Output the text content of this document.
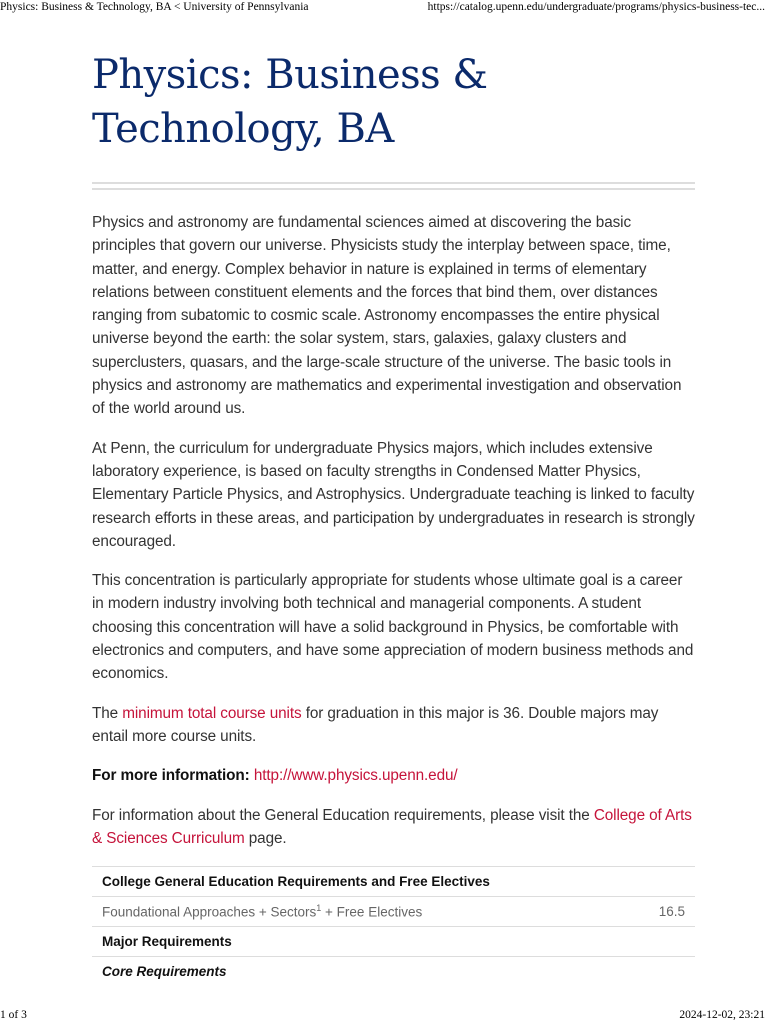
Physics: Business & Technology, BA < University of Pennsylvania	https://catalog.upenn.edu/undergraduate/programs/physics-business-tec...
Physics: Business & Technology, BA

Physics and astronomy are fundamental sciences aimed at discovering the basic principles that govern our universe. Physicists study the interplay between space, time, matter, and energy. Complex behavior in nature is explained in terms of elementary relations between constituent elements and the forces that bind them, over distances ranging from subatomic to cosmic scale. Astronomy encompasses the entire physical universe beyond the earth: the solar system, stars, galaxies, galaxy clusters and superclusters, quasars, and the large-scale structure of the universe. The basic tools in physics and astronomy are mathematics and experimental investigation and observation of the world around us.

At Penn, the curriculum for undergraduate Physics majors, which includes extensive laboratory experience, is based on faculty strengths in Condensed Matter Physics, Elementary Particle Physics, and Astrophysics. Undergraduate teaching is linked to faculty research efforts in these areas, and participation by undergraduates in research is strongly encouraged.

This concentration is particularly appropriate for students whose ultimate goal is a career in modern industry involving both technical and managerial components. A student choosing this concentration will have a solid background in Physics, be comfortable with electronics and computers, and have some appreciation of modern business methods and economics.

The minimum total course units for graduation in this major is 36. Double majors may entail more course units.

For more information: http://www.physics.upenn.edu/

For information about the General Education requirements, please visit the College of Arts & Sciences Curriculum page.

College General Education Requirements and Free Electives
Foundational Approaches + Sectors$^1$ + Free Electives	16.5
Major Requirements
Core Requirements
1 of 3	2024-12-02, 23:21
